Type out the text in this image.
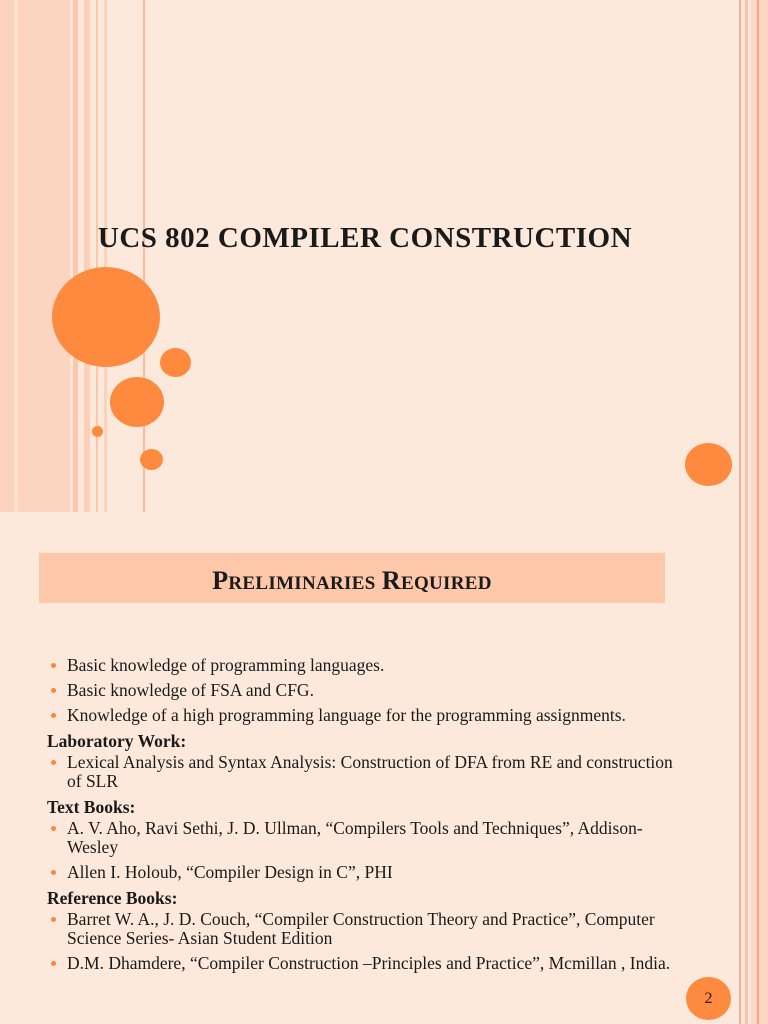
UCS 802 COMPILER CONSTRUCTION
PRELIMINARIES REQUIRED
Basic knowledge of programming languages.
Basic knowledge of FSA and CFG.
Knowledge of a high programming language for the programming assignments.
Laboratory Work:
Lexical Analysis and Syntax Analysis: Construction of DFA from RE and construction of SLR
Text Books:
A. V. Aho, Ravi Sethi, J. D. Ullman, “Compilers Tools and Techniques”, Addison-Wesley
Allen I. Holoub, “Compiler Design in C”, PHI
Reference Books:
Barret W. A., J. D. Couch, “Compiler Construction Theory and Practice”, Computer Science Series- Asian Student Edition
D.M. Dhamdere, “Compiler Construction –Principles and Practice”, Mcmillan , India.
2
